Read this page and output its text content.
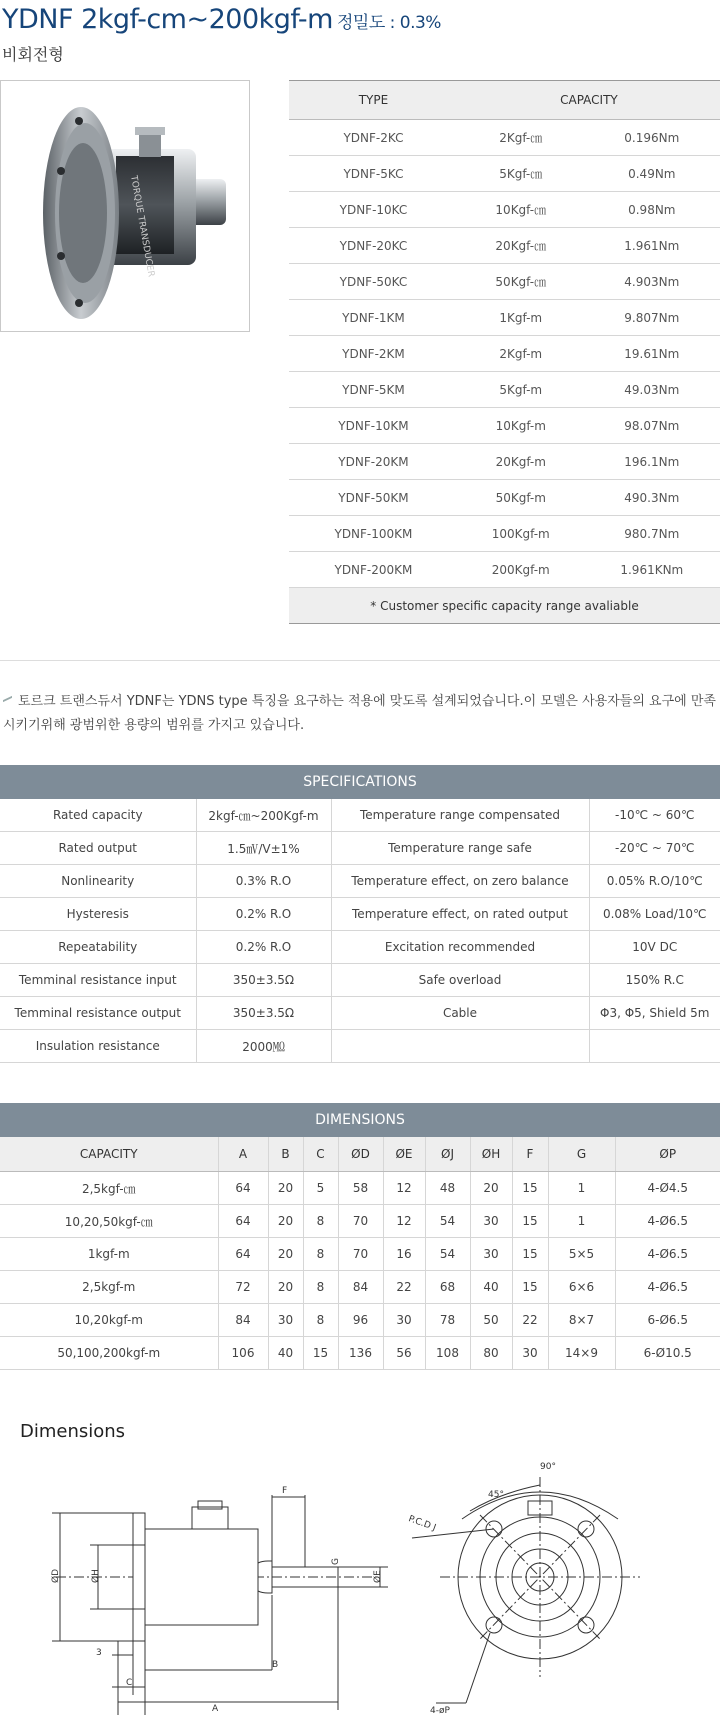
YDNF 2kgf-cm~200kgf-m 정밀도 : 0.3%
비회전형
TORQUE TRANSDUCER
TYPE	CAPACITY	
YDNF-2KC	2Kgf-㎝	0.196Nm
YDNF-5KC	5Kgf-㎝	0.49Nm
YDNF-10KC	10Kgf-㎝	0.98Nm
YDNF-20KC	20Kgf-㎝	1.961Nm
YDNF-50KC	50Kgf-㎝	4.903Nm
YDNF-1KM	1Kgf-m	9.807Nm
YDNF-2KM	2Kgf-m	19.61Nm
YDNF-5KM	5Kgf-m	49.03Nm
YDNF-10KM	10Kgf-m	98.07Nm
YDNF-20KM	20Kgf-m	196.1Nm
YDNF-50KM	50Kgf-m	490.3Nm
YDNF-100KM	100Kgf-m	980.7Nm
YDNF-200KM	200Kgf-m	1.961KNm
* Customer specific capacity range avaliable		
토르크 트랜스듀서 YDNF는 YDNS type 특징을 요구하는 적용에 맞도록 설계되었습니다.이 모델은 사용자들의 요구에 만족 시키기위해 광범위한 용량의 범위를 가지고 있습니다.
SPECIFICATIONS
Rated capacity	2kgf-㎝~200Kgf-m	Temperature range compensated	-10℃ ~ 60℃
Rated output	1.5㎷/V±1%	Temperature range safe	-20℃ ~ 70℃
Nonlinearity	0.3% R.O	Temperature effect, on zero balance	0.05% R.O/10℃
Hysteresis	0.2% R.O	Temperature effect, on rated output	0.08% Load/10℃
Repeatability	0.2% R.O	Excitation recommended	10V DC
Temminal resistance input	350±3.5Ω	Safe overload	150% R.C
Temminal resistance output	350±3.5Ω	Cable	Φ3, Φ5, Shield 5m
Insulation resistance	2000㏁		
DIMENSIONS
CAPACITY	A	B	C	ØD	ØE	ØJ	ØH	F	G	ØP
2,5kgf-㎝	64	20	5	58	12	48	20	15	1	4-Ø4.5
10,20,50kgf-㎝	64	20	8	70	12	54	30	15	1	4-Ø6.5
1kgf-m	64	20	8	70	16	54	30	15	5×5	4-Ø6.5
2,5kgf-m	72	20	8	84	22	68	40	15	6×6	4-Ø6.5
10,20kgf-m	84	30	8	96	30	78	50	22	8×7	6-Ø6.5
50,100,200kgf-m	106	40	15	136	56	108	80	30	14×9	6-Ø10.5
Dimensions
ØD	ØH	ØE
G
F
B
A
C
3
90°
45°
P.C.D J
4-øP
